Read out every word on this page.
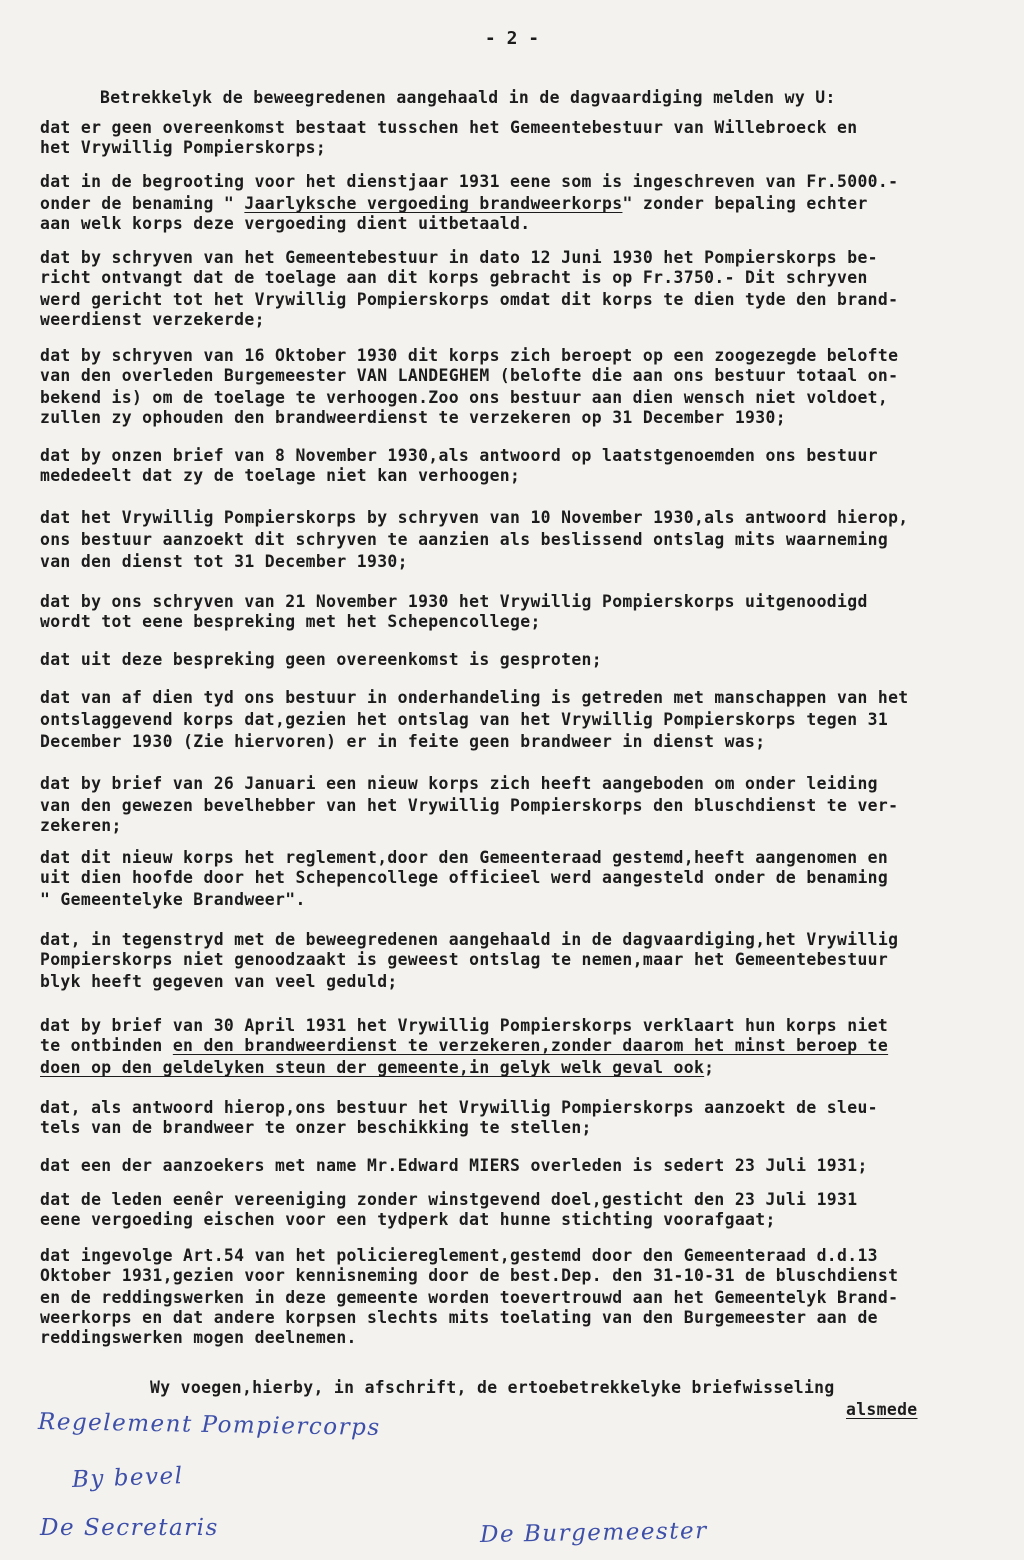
- 2 -
Betrekkelyk de beweegredenen aangehaald in de dagvaardiging melden wy U:
dat er geen overeenkomst bestaat tusschen het Gemeentebestuur van Willebroeck en
het Vrywillig Pompierskorps;
dat in de begrooting voor het dienstjaar 1931 eene som is ingeschreven van Fr.5000.-
onder de benaming " Jaarlyksche vergoeding brandweerkorps" zonder bepaling echter
aan welk korps deze vergoeding dient uitbetaald.
dat by schryven van het Gemeentebestuur in dato 12 Juni 1930 het Pompierskorps be-
richt ontvangt dat de toelage aan dit korps gebracht is op Fr.3750.- Dit schryven
werd gericht tot het Vrywillig Pompierskorps omdat dit korps te dien tyde den brand-
weerdienst verzekerde;
dat by schryven van 16 Oktober 1930 dit korps zich beroept op een zoogezegde belofte
van den overleden Burgemeester VAN LANDEGHEM (belofte die aan ons bestuur totaal on-
bekend is) om de toelage te verhoogen.Zoo ons bestuur aan dien wensch niet voldoet,
zullen zy ophouden den brandweerdienst te verzekeren op 31 December 1930;
dat by onzen brief van 8 November 1930,als antwoord op laatstgenoemden ons bestuur
mededeelt dat zy de toelage niet kan verhoogen;
dat het Vrywillig Pompierskorps by schryven van 10 November 1930,als antwoord hierop,
ons bestuur aanzoekt dit schryven te aanzien als beslissend ontslag mits waarneming
van den dienst tot 31 December 1930;
dat by ons schryven van 21 November 1930 het Vrywillig Pompierskorps uitgenoodigd
wordt tot eene bespreking met het Schepencollege;
dat uit deze bespreking geen overeenkomst is gesproten;
dat van af dien tyd ons bestuur in onderhandeling is getreden met manschappen van het
ontslaggevend korps dat,gezien het ontslag van het Vrywillig Pompierskorps tegen 31
December 1930 (Zie hiervoren) er in feite geen brandweer in dienst was;
dat by brief van 26 Januari een nieuw korps zich heeft aangeboden om onder leiding
van den gewezen bevelhebber van het Vrywillig Pompierskorps den bluschdienst te ver-
zekeren;
dat dit nieuw korps het reglement,door den Gemeenteraad gestemd,heeft aangenomen en
uit dien hoofde door het Schepencollege officieel werd aangesteld onder de benaming
" Gemeentelyke Brandweer".
dat, in tegenstryd met de beweegredenen aangehaald in de dagvaardiging,het Vrywillig
Pompierskorps niet genoodzaakt is geweest ontslag te nemen,maar het Gemeentebestuur
blyk heeft gegeven van veel geduld;
dat by brief van 30 April 1931 het Vrywillig Pompierskorps verklaart hun korps niet
te ontbinden en den brandweerdienst te verzekeren,zonder daarom het minst beroep te
doen op den geldelyken steun der gemeente,in gelyk welk geval ook;
dat, als antwoord hierop,ons bestuur het Vrywillig Pompierskorps aanzoekt de sleu-
tels van de brandweer te onzer beschikking te stellen;
dat een der aanzoekers met name Mr.Edward MIERS overleden is sedert 23 Juli 1931;
dat de leden eenêr vereeniging zonder winstgevend doel,gesticht den 23 Juli 1931
eene vergoeding eischen voor een tydperk dat hunne stichting voorafgaat;
dat ingevolge Art.54 van het policiereglement,gestemd door den Gemeenteraad d.d.13
Oktober 1931,gezien voor kennisneming door de best.Dep. den 31-10-31 de bluschdienst
en de reddingswerken in deze gemeente worden toevertrouwd aan het Gemeentelyk Brand-
weerkorps en dat andere korpsen slechts mits toelating van den Burgemeester aan de
reddingswerken mogen deelnemen.
Wy voegen,hierby, in afschrift, de ertoebetrekkelyke briefwisseling
alsmede
Regelement Pompiercorps
By bevel
De Secretaris	De Burgemeester
